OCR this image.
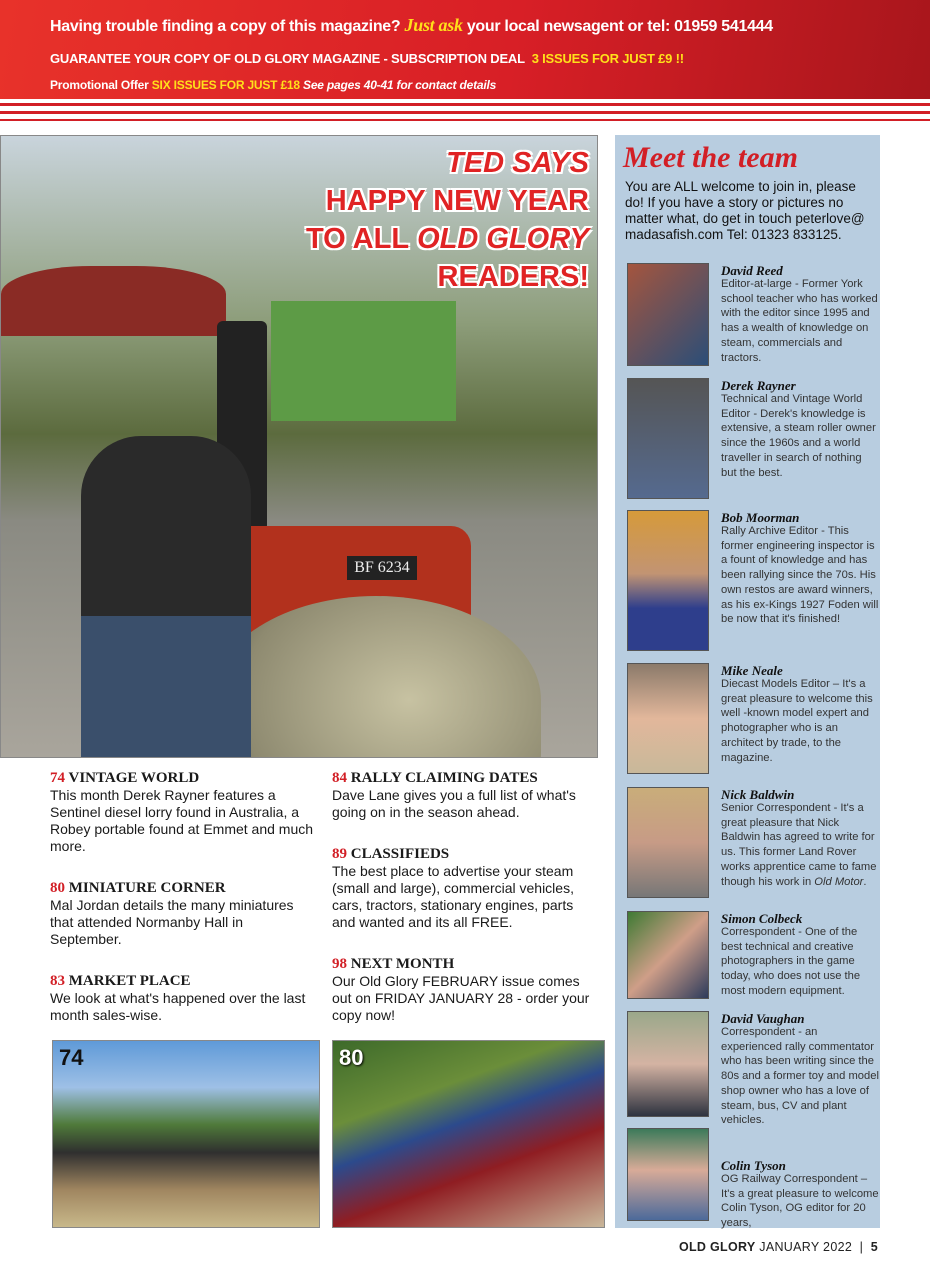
Having trouble finding a copy of this magazine? Just ask your local newsagent or tel: 01959 541444
GUARANTEE YOUR COPY OF OLD GLORY MAGAZINE - SUBSCRIPTION DEAL 3 ISSUES FOR JUST £9 !!
Promotional Offer SIX ISSUES FOR JUST £18 See pages 40-41 for contact details
BF 6234
TED SAYS
HAPPY NEW YEAR
TO ALL OLD GLORY
READERS!
Meet the team
You are ALL welcome to join in, please do! If you have a story or pictures no matter what, do get in touch peterlove@ madasafish.com Tel: 01323 833125.
David Reed
Editor-at-large - Former York school teacher who has worked with the editor since 1995 and has a wealth of knowledge on steam, commercials and tractors.
Derek Rayner
Technical and Vintage World Editor - Derek's knowledge is extensive, a steam roller owner since the 1960s and a world traveller in search of nothing but the best.
Bob Moorman
Rally Archive Editor - This former engineering inspector is a fount of knowledge and has been rallying since the 70s. His own restos are award winners, as his ex-Kings 1927 Foden will be now that it's finished!
Mike Neale
Diecast Models Editor – It's a great pleasure to welcome this well -known model expert and photographer who is an architect by trade, to the magazine.
Nick Baldwin
Senior Correspondent - It's a great pleasure that Nick Baldwin has agreed to write for us. This former Land Rover works apprentice came to fame though his work in Old Motor.
Simon Colbeck
Correspondent - One of the best technical and creative photographers in the game today, who does not use the most modern equipment.
David Vaughan
Correspondent - an experienced rally commentator who has been writing since the 80s and a former toy and model shop owner who has a love of steam, bus, CV and plant vehicles.
Colin Tyson
OG Railway Correspondent – It's a great pleasure to welcome Colin Tyson, OG editor for 20 years,
74 VINTAGE WORLD
This month Derek Rayner features a Sentinel diesel lorry found in Australia, a Robey portable found at Emmet and much more.
80 MINIATURE CORNER
Mal Jordan details the many miniatures that attended Normanby Hall in September.
83 MARKET PLACE
We look at what's happened over the last month sales-wise.
84 RALLY CLAIMING DATES
Dave Lane gives you a full list of what's going on in the season ahead.
89 CLASSIFIEDS
The best place to advertise your steam (small and large), commercial vehicles, cars, tractors, stationary engines, parts and wanted and its all FREE.
98 NEXT MONTH
Our Old Glory FEBRUARY issue comes out on FRIDAY JANUARY 28 - order your copy now!
74	80
OLD GLORY JANUARY 2022 | 5
